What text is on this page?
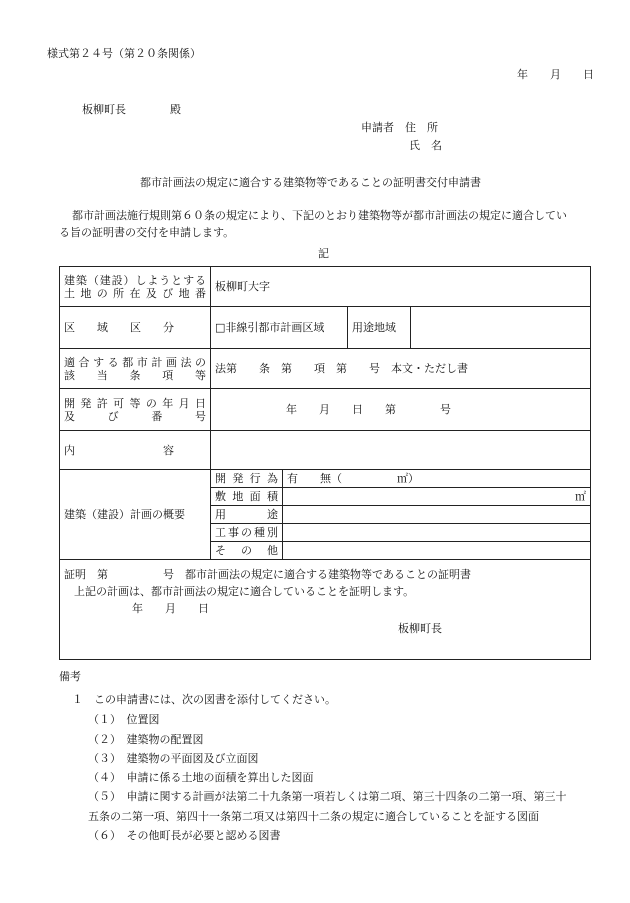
様式第２４号（第２０条関係）
年　　月　　日
板柳町長　　　　殿
申請者　住　所
氏　名
都市計画法の規定に適合する建築物等であることの証明書交付申請書
都市計画法施行規則第６０条の規定により、下記のとおり建築物等が都市計画法の規定に適合してい
る旨の証明書の交付を申請します。
記
建築（建設）しようとする
土地の所在及び地番	板柳町大字			
区　　域　　区　　分	□非線引都市計画区域		用途地域	

適合する都市計画法の
該　当　条　項　等	法第　　条　第　　項　第　　号　本文・ただし書			

開発許可等の年月日
及　び　番　号	年　　月　　日　　第　　　　号			
内　　　　　　　　容				
建築（建設）計画の概要	開発行為	有　　無（　　　　　㎡）		

	敷地面積	㎡		

	用　　途			

	工事の種別			

	そ　の　他			

証明　第　　　　　号　都市計画法の規定に適合する建築物等であることの証明書
上記の計画は、都市計画法の規定に適合していることを証明します。
年　　月　　日
板柳町長				
備考
１　この申請書には、次の図書を添付してください。
（１）　位置図
（２）　建築物の配置図
（３）　建築物の平面図及び立面図
（４）　申請に係る土地の面積を算出した図面
（５）　申請に関する計画が法第二十九条第一項若しくは第二項、第三十四条の二第一項、第三十
五条の二第一項、第四十一条第二項又は第四十二条の規定に適合していることを証する図面
（６）　その他町長が必要と認める図書
